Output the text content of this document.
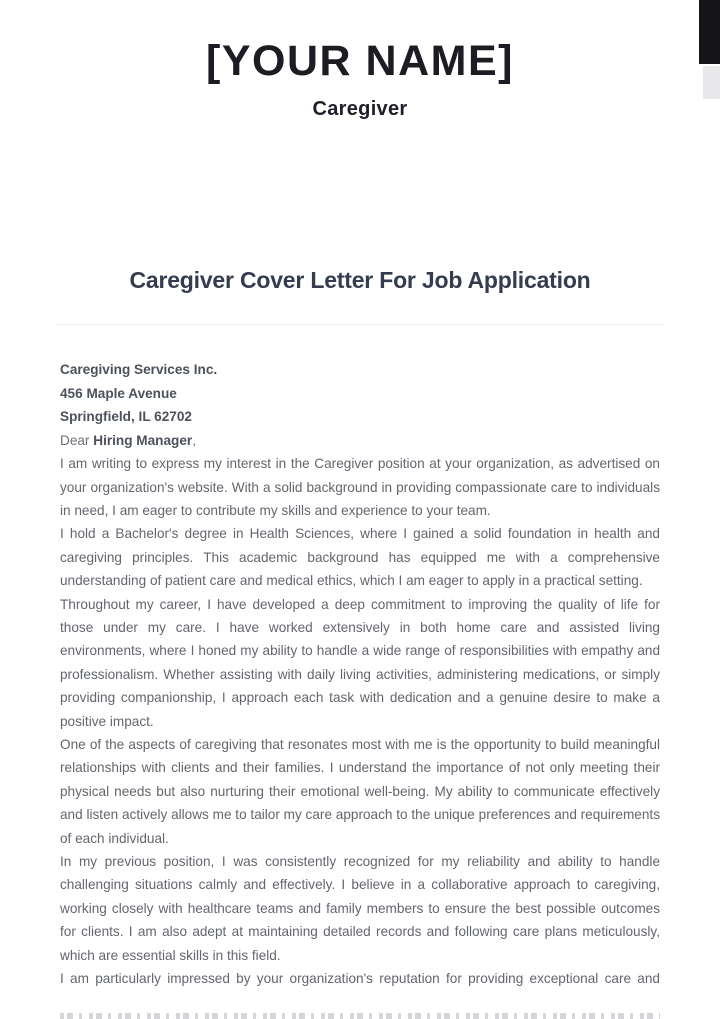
[YOUR NAME]
Caregiver
Caregiver Cover Letter For Job Application
Caregiving Services Inc.
456 Maple Avenue
Springfield, IL 62702
Dear Hiring Manager,

I am writing to express my interest in the Caregiver position at your organization, as advertised on your organization's website. With a solid background in providing compassionate care to individuals in need, I am eager to contribute my skills and experience to your team.

I hold a Bachelor's degree in Health Sciences, where I gained a solid foundation in health and caregiving principles. This academic background has equipped me with a comprehensive understanding of patient care and medical ethics, which I am eager to apply in a practical setting.

Throughout my career, I have developed a deep commitment to improving the quality of life for those under my care. I have worked extensively in both home care and assisted living environments, where I honed my ability to handle a wide range of responsibilities with empathy and professionalism. Whether assisting with daily living activities, administering medications, or simply providing companionship, I approach each task with dedication and a genuine desire to make a positive impact.

One of the aspects of caregiving that resonates most with me is the opportunity to build meaningful relationships with clients and their families. I understand the importance of not only meeting their physical needs but also nurturing their emotional well-being. My ability to communicate effectively and listen actively allows me to tailor my care approach to the unique preferences and requirements of each individual.

In my previous position, I was consistently recognized for my reliability and ability to handle challenging situations calmly and effectively. I believe in a collaborative approach to caregiving, working closely with healthcare teams and family members to ensure the best possible outcomes for clients. I am also adept at maintaining detailed records and following care plans meticulously, which are essential skills in this field.

I am particularly impressed by your organization's reputation for providing exceptional care and
